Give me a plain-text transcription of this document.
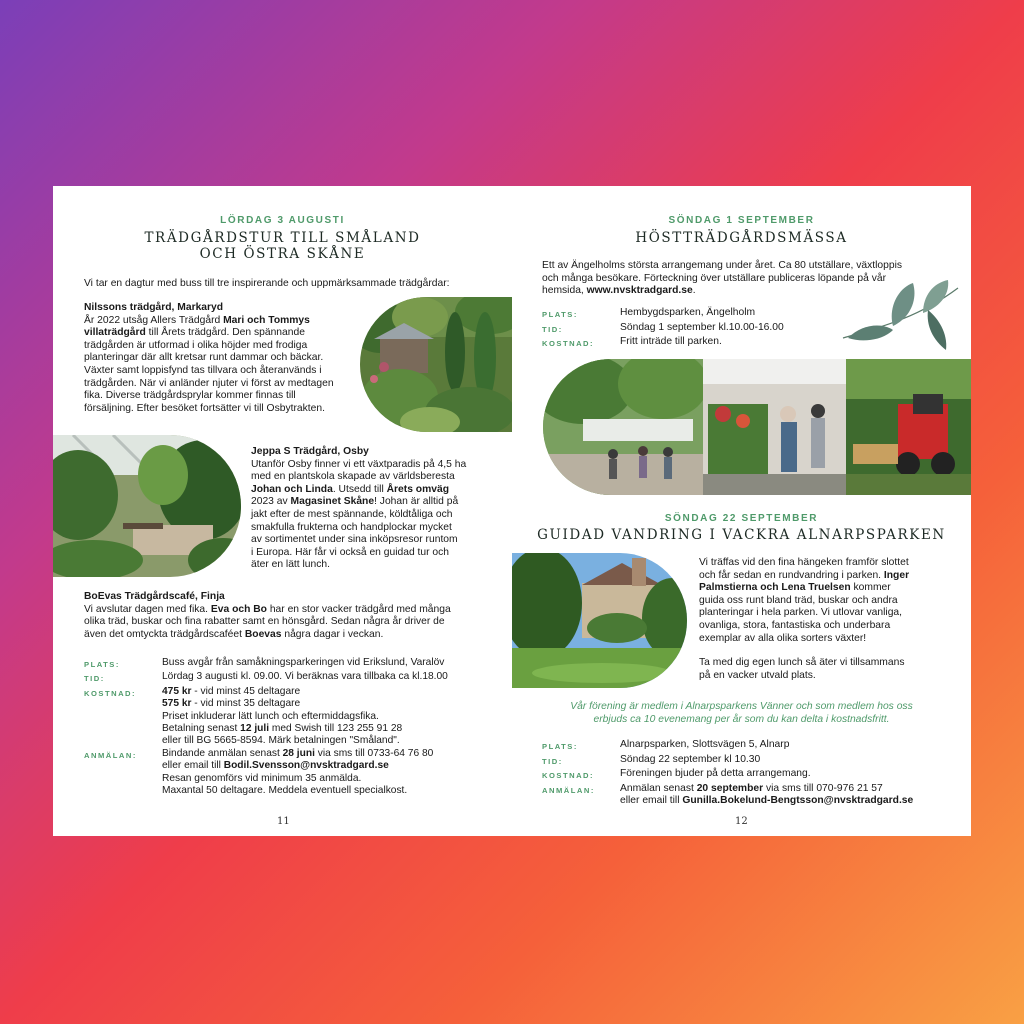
LÖRDAG 3 AUGUSTI
TRÄDGÅRDSTUR TILL SMÅLAND
OCH ÖSTRA SKÅNE
Vi tar en dagtur med buss till tre inspirerande och uppmärksammade trädgårdar:

Nilssons trädgård, Markaryd

År 2022 utsåg Allers Trädgård Mari och Tommys

villaträdgård till Årets trädgård. Den spännande

trädgården är utformad i olika höjder med frodiga

planteringar där allt kretsar runt dammar och bäckar.

Växter samt loppisfynd tas tillvara och återanvänds i

trädgården. När vi anländer njuter vi först av medtagen

fika. Diverse trädgårdsprylar kommer finnas till

försäljning. Efter besöket fortsätter vi till Osbytrakten.

Jeppa S Trädgård, Osby

Utanför Osby finner vi ett växtparadis på 4,5 ha

med en plantskola skapade av världsberesta

Johan och Linda. Utsedd till Årets omväg

2023 av Magasinet Skåne! Johan är alltid på

jakt efter de mest spännande, köldtåliga och

smakfulla frukterna och handplockar mycket

av sortimentet under sina inköpsresor runtom

i Europa. Här får vi också en guidad tur och

äter en lätt lunch.

BoEvas Trädgårdscafé, Finja

Vi avslutar dagen med fika. Eva och Bo har en stor vacker trädgård med många

olika träd, buskar och fina rabatter samt en hönsgård. Sedan några år driver de

även det omtyckta trädgårdscaféet Boevas några dagar i veckan.

PLATS:	Buss avgår från samåkningsparkeringen vid Erikslund, Varalöv
TID:	Lördag 3 augusti kl. 09.00. Vi beräknas vara tillbaka ca kl.18.00
KOSTNAD:	475 kr - vid minst 45 deltagare

575 kr - vid minst 35 deltagare

Priset inkluderar lätt lunch och eftermiddagsfika.

Betalning senast 12 juli med Swish till 123 255 91 28

eller till BG 5665-8594. Märk betalningen "Småland".

ANMÄLAN:	Bindande anmälan senast 28 juni via sms till 0733-64 76 80

eller email till Bodil.Svensson@nvsktradgard.se

Resan genomförs vid minimum 35 anmälda.

Maxantal 50 deltagare. Meddela eventuell specialkost.

11
SÖNDAG 1 SEPTEMBER
HÖSTTRÄDGÅRDSMÄSSA

Ett av Ängelholms största arrangemang under året. Ca 80 utställare, växtloppis

och många besökare. Förteckning över utställare publiceras löpande på vår

hemsida, www.nvsktradgard.se.

PLATS:	Hembygdsparken, Ängelholm
TID:	Söndag 1 september kl.10.00-16.00
KOSTNAD:	Fritt inträde till parken.
SÖNDAG 22 SEPTEMBER
GUIDAD VANDRING I VACKRA ALNARPSPARKEN

Vi träffas vid den fina hängeken framför slottet

och får sedan en rundvandring i parken. Inger

Palmstierna och Lena Truelsen kommer

guida oss runt bland träd, buskar och andra

planteringar i hela parken. Vi utlovar vanliga,

ovanliga, stora, fantastiska och underbara

exemplar av alla olika sorters växter!

Ta med dig egen lunch så äter vi tillsammans

på en vacker utvald plats.

Vår förening är medlem i Alnarpsparkens Vänner och som medlem hos oss

erbjuds ca 10 evenemang per år som du kan delta i kostnadsfritt.

PLATS:	Alnarpsparken, Slottsvägen 5, Alnarp
TID:	Söndag 22 september kl 10.30
KOSTNAD:	Föreningen bjuder på detta arrangemang.
ANMÄLAN:	Anmälan senast 20 september via sms till 070-976 21 57

eller email till Gunilla.Bokelund-Bengtsson@nvsktradgard.se

12
